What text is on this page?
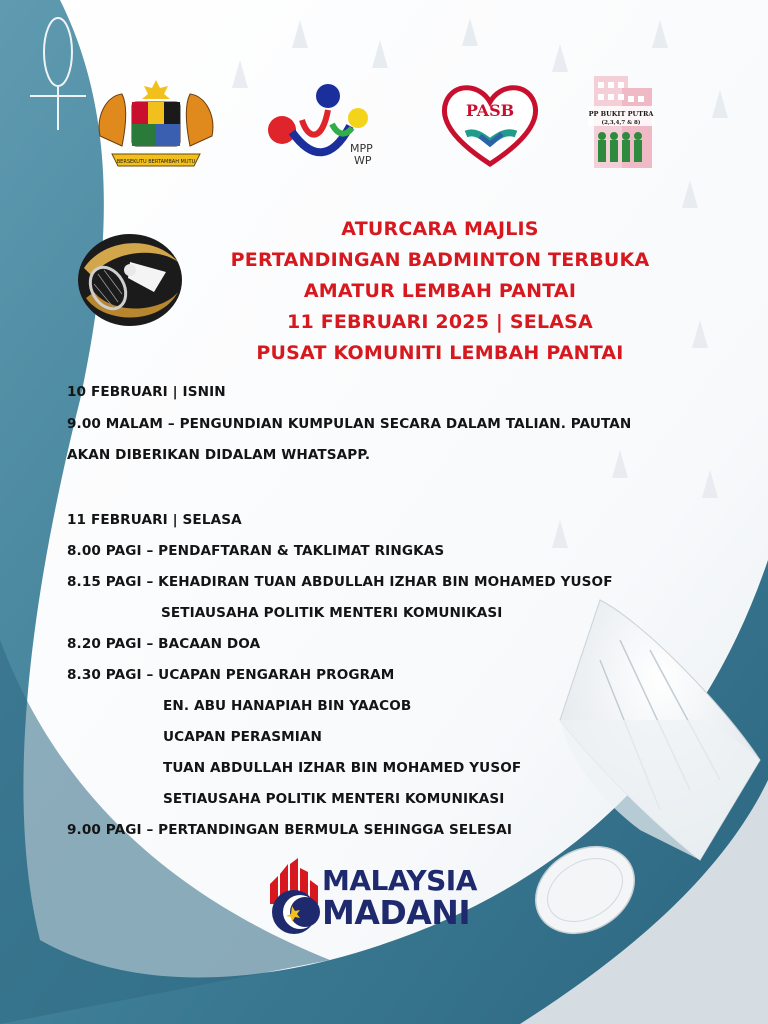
BERSEKUTU BERTAMBAH MUTU
MPP
WP
PASB	PP BUKIT PUTRA
(2,3,4,7 & 8)
ATURCARA MAJLIS
PERTANDINGAN BADMINTON TERBUKA
AMATUR LEMBAH PANTAI
11 FEBRUARI 2025 | SELASA
PUSAT KOMUNITI LEMBAH PANTAI
10 FEBRUARI | ISNIN
9.00 MALAM – PENGUNDIAN KUMPULAN SECARA DALAM TALIAN. PAUTAN
AKAN DIBERIKAN DIDALAM WHATSAPP.
11 FEBRUARI | SELASA
8.00 PAGI – PENDAFTARAN & TAKLIMAT RINGKAS
8.15 PAGI – KEHADIRAN TUAN ABDULLAH IZHAR BIN MOHAMED YUSOF
SETIAUSAHA POLITIK MENTERI KOMUNIKASI
8.20 PAGI – BACAAN DOA
8.30 PAGI – UCAPAN PENGARAH PROGRAM
EN. ABU HANAPIAH BIN YAACOB
UCAPAN PERASMIAN
TUAN ABDULLAH IZHAR BIN MOHAMED YUSOF
SETIAUSAHA POLITIK MENTERI KOMUNIKASI
9.00 PAGI – PERTANDINGAN BERMULA SEHINGGA SELESAI
MALAYSIA
MADANI
